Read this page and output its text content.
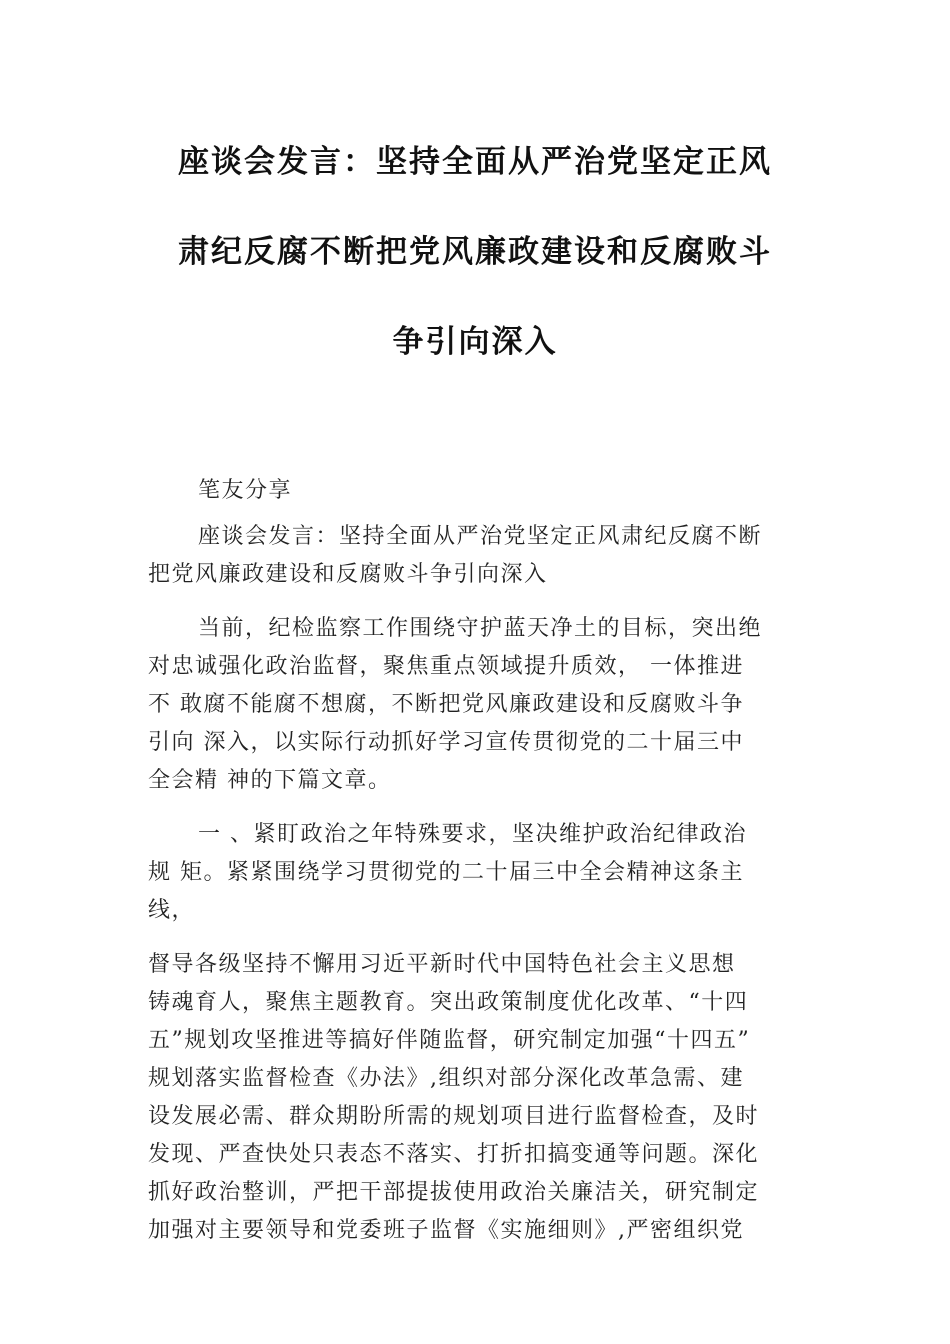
座谈会发言：坚持全面从严治党坚定正风
肃纪反腐不断把党风廉政建设和反腐败斗
争引向深入
笔友分享
座谈会发言：坚持全面从严治党坚定正风肃纪反腐不断
把党风廉政建设和反腐败斗争引向深入
当前，纪检监察工作围绕守护蓝天净土的目标，突出绝
对忠诚强化政治监督，聚焦重点领域提升质效， 一体推进
不 敢腐不能腐不想腐，不断把党风廉政建设和反腐败斗争
引向 深入，以实际行动抓好学习宣传贯彻党的二十届三中
全会精 神的下篇文章。
一 、紧盯政治之年特殊要求，坚决维护政治纪律政治
规 矩。紧紧围绕学习贯彻党的二十届三中全会精神这条主
线，
督导各级坚持不懈用习近平新时代中国特色社会主义思想
铸魂育人，聚焦主题教育。突出政策制度优化改革、“十四
五”规划攻坚推进等搞好伴随监督，研究制定加强“十四五”
规划落实监督检查《办法》,组织对部分深化改革急需、建
设发展必需、群众期盼所需的规划项目进行监督检查，及时
发现、严查快处只表态不落实、打折扣搞变通等问题。深化
抓好政治整训，严把干部提拔使用政治关廉洁关，研究制定
加强对主要领导和党委班子监督《实施细则》,严密组织党
